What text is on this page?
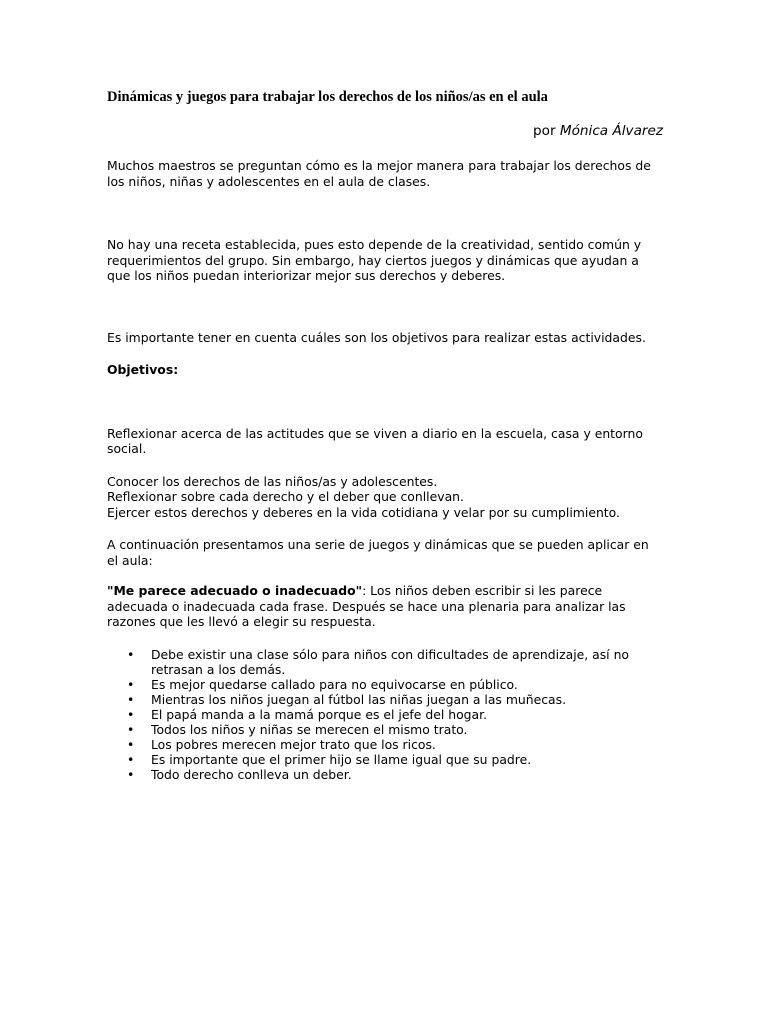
Dinámicas y juegos para trabajar los derechos de los niños/as en el aula
por Mónica Álvarez

Muchos maestros se preguntan cómo es la mejor manera para trabajar los derechos de los niños, niñas y adolescentes en el aula de clases.

No hay una receta establecida, pues esto depende de la creatividad, sentido común y requerimientos del grupo. Sin embargo, hay ciertos juegos y dinámicas que ayudan a que los niños puedan interiorizar mejor sus derechos y deberes.

Es importante tener en cuenta cuáles son los objetivos para realizar estas actividades.

Objetivos:

Reflexionar acerca de las actitudes que se viven a diario en la escuela, casa y entorno social.

Conocer los derechos de las niños/as y adolescentes.
Reflexionar sobre cada derecho y el deber que conllevan.
Ejercer estos derechos y deberes en la vida cotidiana y velar por su cumplimiento.

A continuación presentamos una serie de juegos y dinámicas que se pueden aplicar en el aula:

"Me parece adecuado o inadecuado": Los niños deben escribir si les parece adecuada o inadecuada cada frase. Después se hace una plenaria para analizar las razones que les llevó a elegir su respuesta.

• Debe existir una clase sólo para niños con dificultades de aprendizaje, así no retrasan a los demás.
• Es mejor quedarse callado para no equivocarse en público.
• Mientras los niños juegan al fútbol las niñas juegan a las muñecas.
• El papá manda a la mamá porque es el jefe del hogar.
• Todos los niños y niñas se merecen el mismo trato.
• Los pobres merecen mejor trato que los ricos.
• Es importante que el primer hijo se llame igual que su padre.
• Todo derecho conlleva un deber.
